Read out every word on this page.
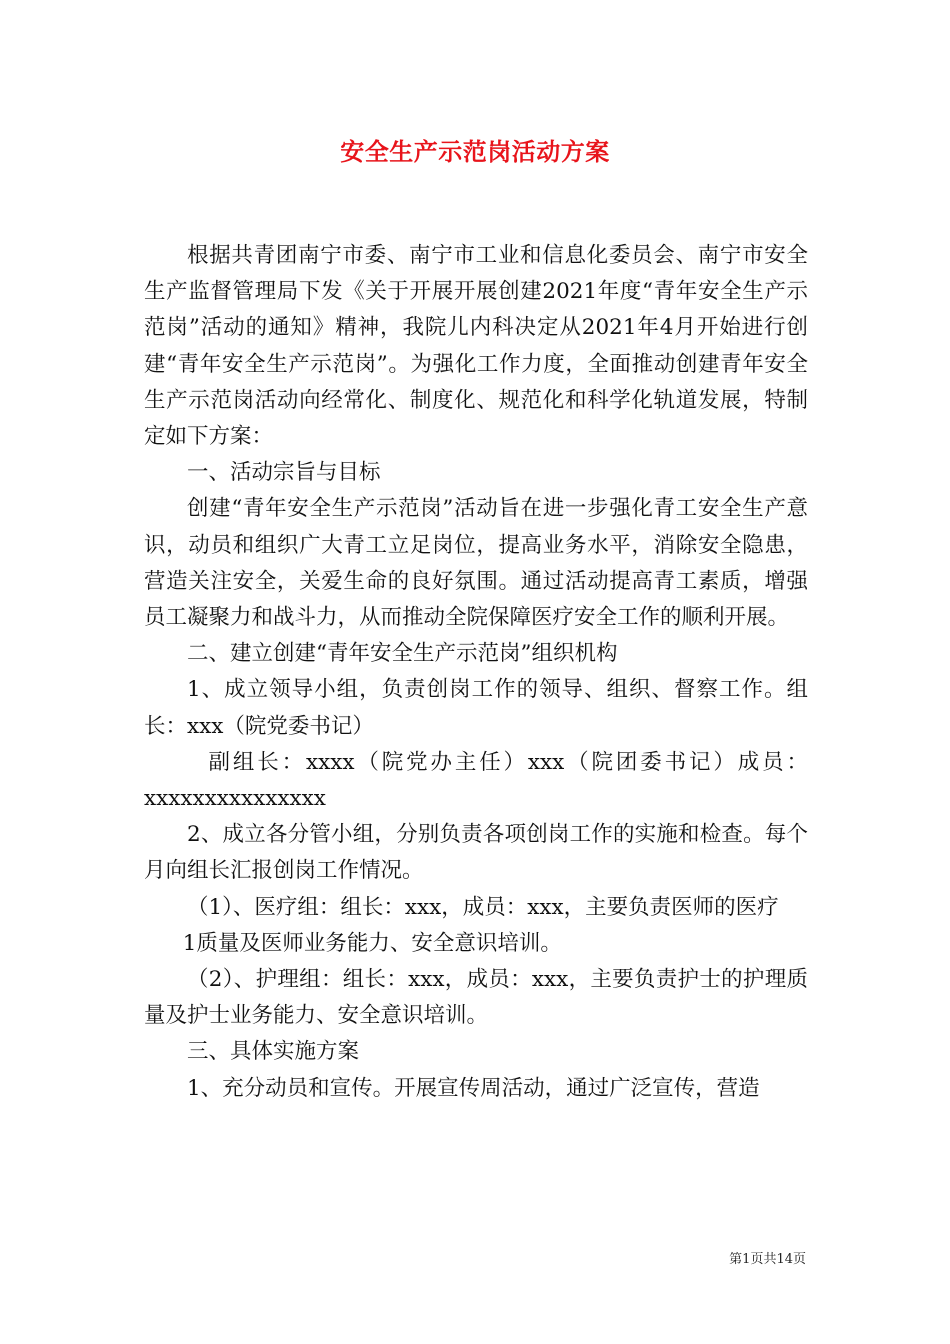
安全生产示范岗活动方案

根据共青团南宁市委、南宁市工业和信息化委员会、南宁市安全生产监督管理局下发《关于开展开展创建2021年度“青年安全生产示范岗”活动的通知》精神，我院儿内科决定从2021年4月开始进行创建“青年安全生产示范岗”。为强化工作力度，全面推动创建青年安全生产示范岗活动向经常化、制度化、规范化和科学化轨道发展，特制定如下方案：

一、活动宗旨与目标

创建“青年安全生产示范岗”活动旨在进一步强化青工安全生产意识，动员和组织广大青工立足岗位，提高业务水平，消除安全隐患，营造关注安全，关爱生命的良好氛围。通过活动提高青工素质，增强员工凝聚力和战斗力，从而推动全院保障医疗安全工作的顺利开展。

二、建立创建“青年安全生产示范岗”组织机构

1、成立领导小组，负责创岗工作的领导、组织、督察工作。组长：xxx（院党委书记）

副组长：xxxx（院党办主任）xxx（院团委书记）成员：xxxxxxxxxxxxxxx

2、成立各分管小组，分别负责各项创岗工作的实施和检查。每个月向组长汇报创岗工作情况。

（1）、医疗组：组长：xxx，成员：xxx，主要负责医师的医疗

1质量及医师业务能力、安全意识培训。

（2）、护理组：组长：xxx，成员：xxx，主要负责护士的护理质量及护士业务能力、安全意识培训。

三、具体实施方案

1、充分动员和宣传。开展宣传周活动，通过广泛宣传，营造

第1页共14页
